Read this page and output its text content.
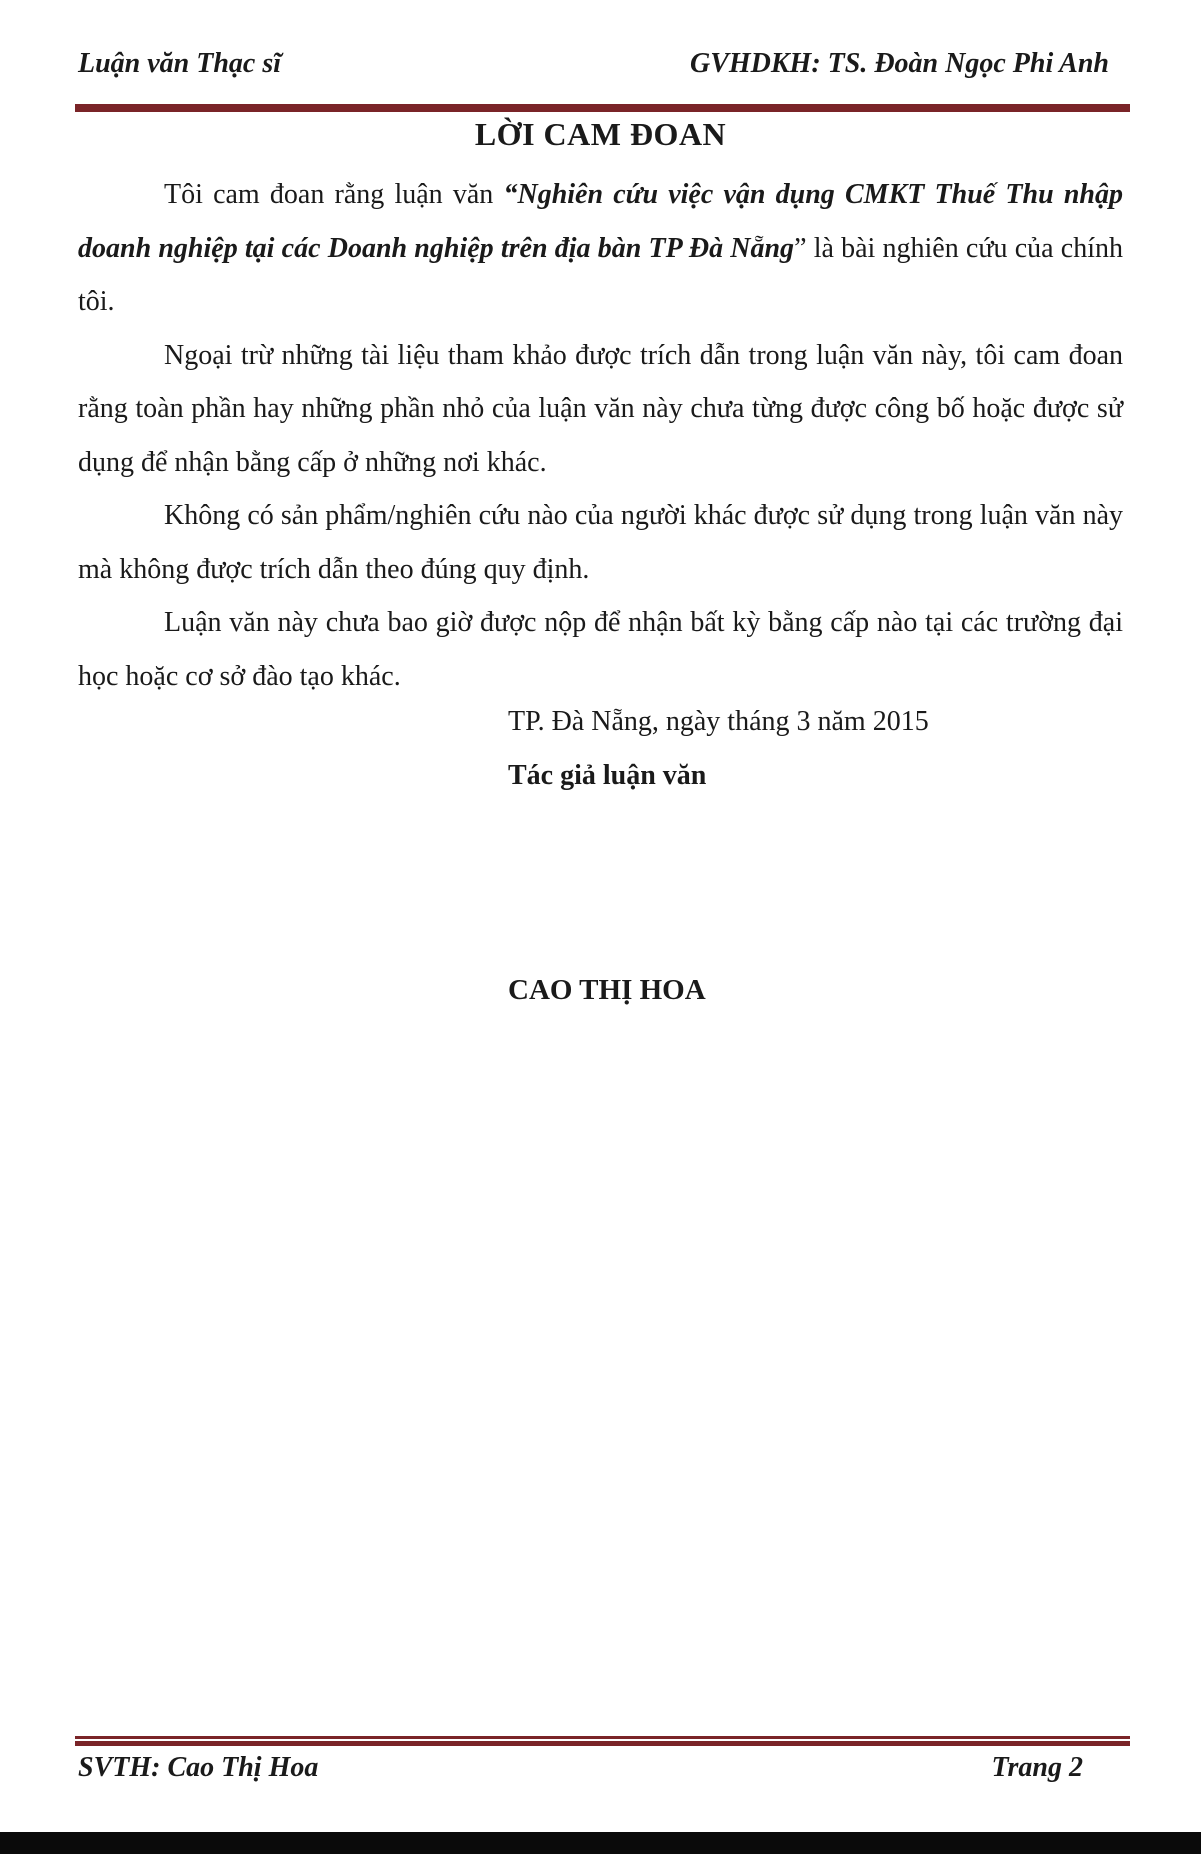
Luận văn Thạc sĩ	GVHDKH: TS. Đoàn Ngọc Phi Anh
LỜI CAM ĐOAN

Tôi cam đoan rằng luận văn “Nghiên cứu việc vận dụng CMKT Thuế Thu nhập doanh nghiệp tại các Doanh nghiệp trên địa bàn TP Đà Nẵng” là bài nghiên cứu của chính tôi.

Ngoại trừ những tài liệu tham khảo được trích dẫn trong luận văn này, tôi cam đoan rằng toàn phần hay những phần nhỏ của luận văn này chưa từng được công bố hoặc được sử dụng để nhận bằng cấp ở những nơi khác.

Không có sản phẩm/nghiên cứu nào của người khác được sử dụng trong luận văn này mà không được trích dẫn theo đúng quy định.

Luận văn này chưa bao giờ được nộp để nhận bất kỳ bằng cấp nào tại các trường đại học hoặc cơ sở đào tạo khác.

TP. Đà Nẵng, ngày tháng 3 năm 2015
Tác giả luận văn
CAO THỊ HOA
SVTH: Cao Thị Hoa	Trang 2
